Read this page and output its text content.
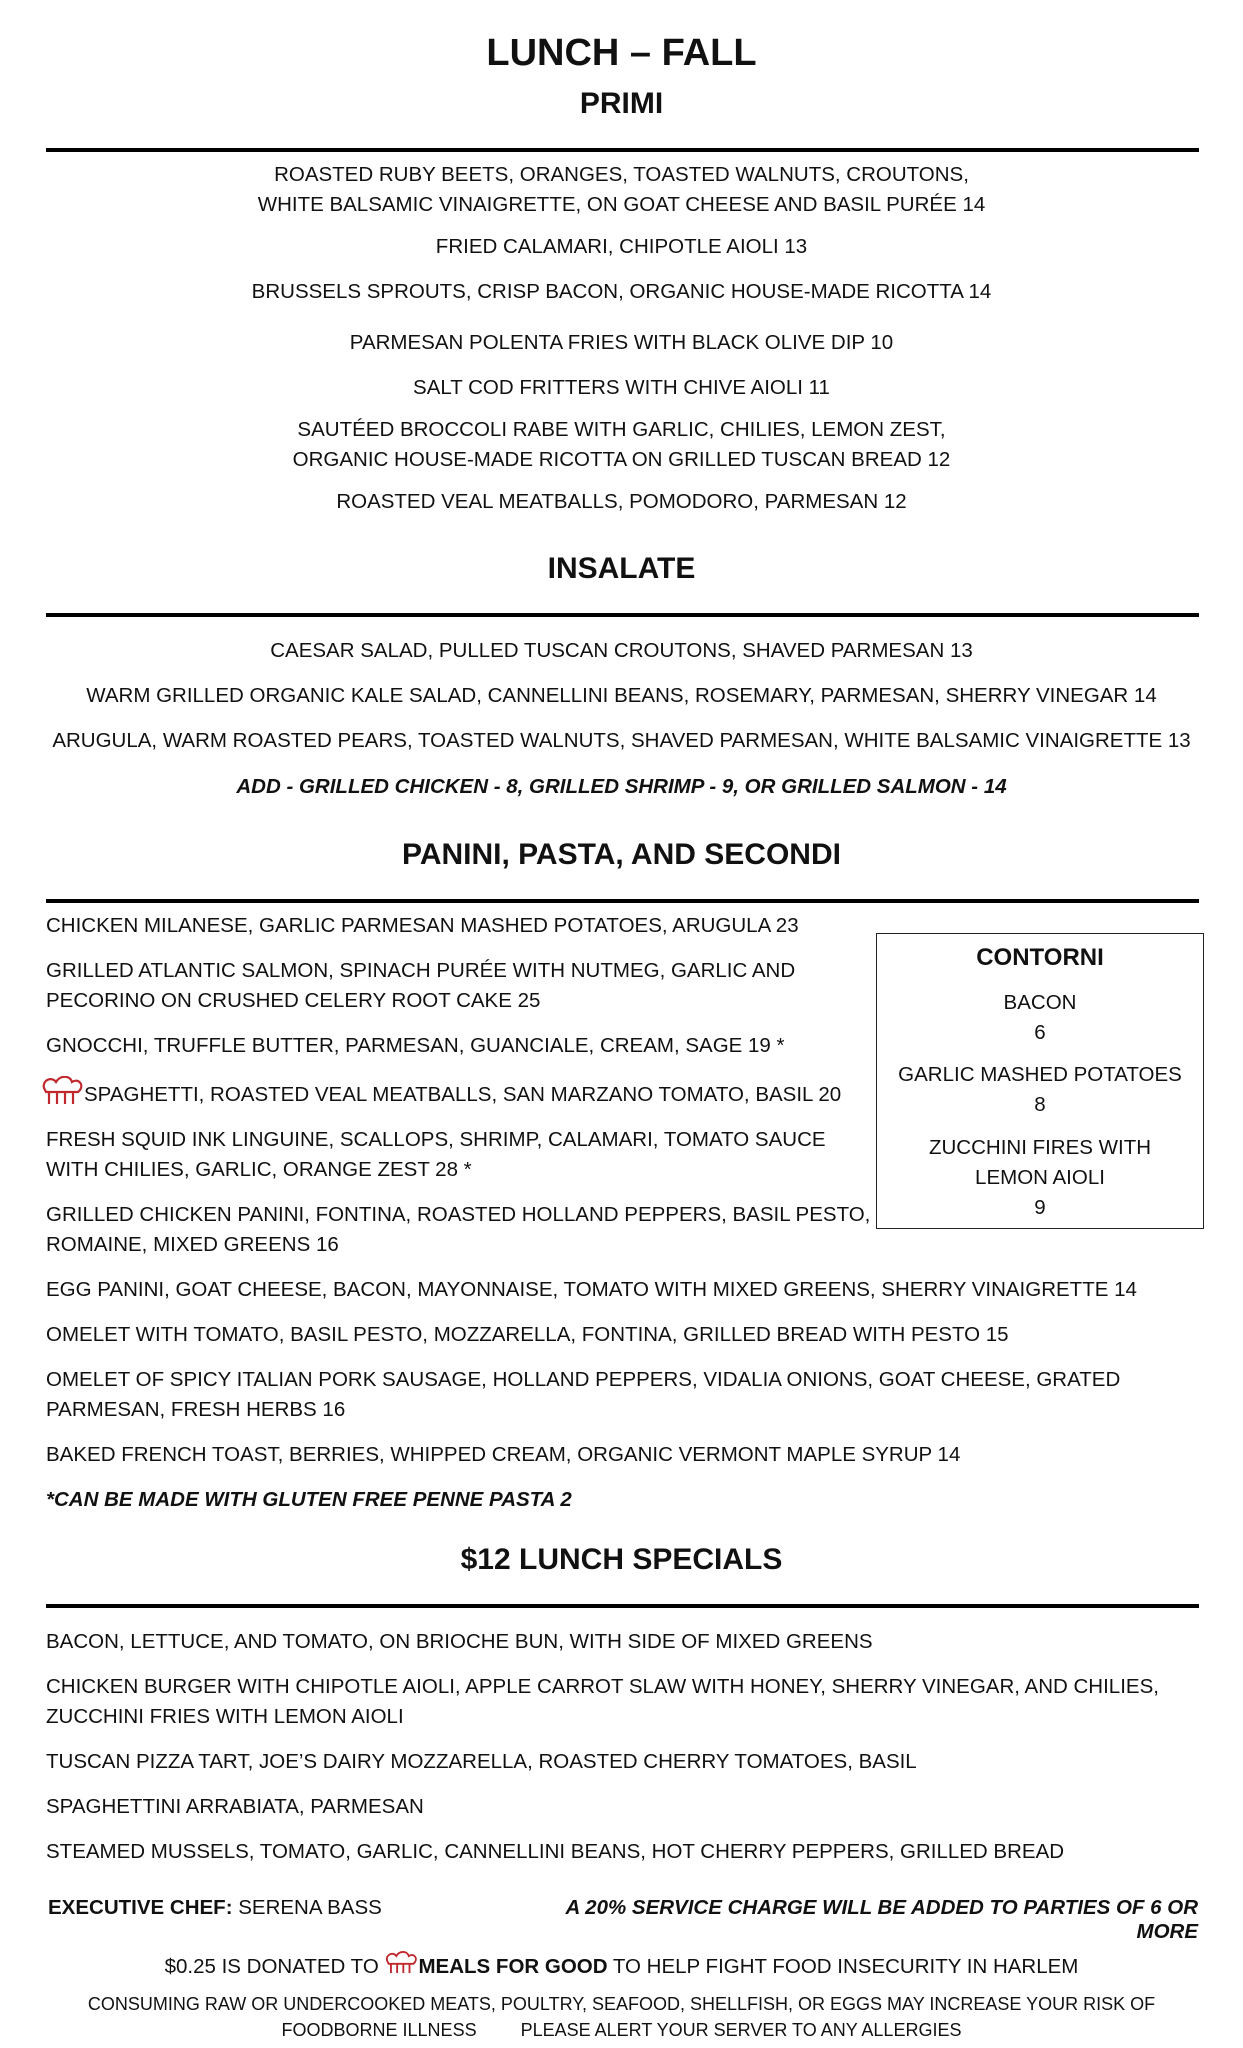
LUNCH – FALL
PRIMI
ROASTED RUBY BEETS, ORANGES, TOASTED WALNUTS, CROUTONS,
WHITE BALSAMIC VINAIGRETTE, ON GOAT CHEESE AND BASIL PURÉE 14
FRIED CALAMARI, CHIPOTLE AIOLI 13
BRUSSELS SPROUTS, CRISP BACON, ORGANIC HOUSE-MADE RICOTTA 14
PARMESAN POLENTA FRIES WITH BLACK OLIVE DIP 10
SALT COD FRITTERS WITH CHIVE AIOLI 11
SAUTÉED BROCCOLI RABE WITH GARLIC, CHILIES, LEMON ZEST,
ORGANIC HOUSE-MADE RICOTTA ON GRILLED TUSCAN BREAD 12
ROASTED VEAL MEATBALLS, POMODORO, PARMESAN 12
INSALATE
CAESAR SALAD, PULLED TUSCAN CROUTONS, SHAVED PARMESAN 13
WARM GRILLED ORGANIC KALE SALAD, CANNELLINI BEANS, ROSEMARY, PARMESAN, SHERRY VINEGAR 14
ARUGULA, WARM ROASTED PEARS, TOASTED WALNUTS, SHAVED PARMESAN, WHITE BALSAMIC VINAIGRETTE 13
ADD - GRILLED CHICKEN - 8, GRILLED SHRIMP - 9, OR GRILLED SALMON - 14
PANINI, PASTA, AND SECONDI
CHICKEN MILANESE, GARLIC PARMESAN MASHED POTATOES, ARUGULA 23
GRILLED ATLANTIC SALMON, SPINACH PURÉE WITH NUTMEG, GARLIC AND
PECORINO ON CRUSHED CELERY ROOT CAKE 25
GNOCCHI, TRUFFLE BUTTER, PARMESAN, GUANCIALE, CREAM, SAGE 19 *
SPAGHETTI, ROASTED VEAL MEATBALLS, SAN MARZANO TOMATO, BASIL 20
FRESH SQUID INK LINGUINE, SCALLOPS, SHRIMP, CALAMARI, TOMATO SAUCE
WITH CHILIES, GARLIC, ORANGE ZEST 28 *
GRILLED CHICKEN PANINI, FONTINA, ROASTED HOLLAND PEPPERS, BASIL PESTO,
ROMAINE, MIXED GREENS 16
EGG PANINI, GOAT CHEESE, BACON, MAYONNAISE, TOMATO WITH MIXED GREENS, SHERRY VINAIGRETTE 14
OMELET WITH TOMATO, BASIL PESTO, MOZZARELLA, FONTINA, GRILLED BREAD WITH PESTO 15
OMELET OF SPICY ITALIAN PORK SAUSAGE, HOLLAND PEPPERS, VIDALIA ONIONS, GOAT CHEESE, GRATED
PARMESAN, FRESH HERBS 16
BAKED FRENCH TOAST, BERRIES, WHIPPED CREAM, ORGANIC VERMONT MAPLE SYRUP 14
*CAN BE MADE WITH GLUTEN FREE PENNE PASTA 2
CONTORNI
BACON
6
GARLIC MASHED POTATOES
8
ZUCCHINI FIRES WITH
LEMON AIOLI
9
$12 LUNCH SPECIALS
BACON, LETTUCE, AND TOMATO, ON BRIOCHE BUN, WITH SIDE OF MIXED GREENS
CHICKEN BURGER WITH CHIPOTLE AIOLI, APPLE CARROT SLAW WITH HONEY, SHERRY VINEGAR, AND CHILIES,
ZUCCHINI FRIES WITH LEMON AIOLI
TUSCAN PIZZA TART, JOE’S DAIRY MOZZARELLA, ROASTED CHERRY TOMATOES, BASIL
SPAGHETTINI ARRABIATA, PARMESAN
STEAMED MUSSELS, TOMATO, GARLIC, CANNELLINI BEANS, HOT CHERRY PEPPERS, GRILLED BREAD
EXECUTIVE CHEF: SERENA BASS	A 20% SERVICE CHARGE WILL BE ADDED TO PARTIES OF 6 OR MORE
$0.25 IS DONATED TO MEALS FOR GOOD TO HELP FIGHT FOOD INSECURITY IN HARLEM
CONSUMING RAW OR UNDERCOOKED MEATS, POULTRY, SEAFOOD, SHELLFISH, OR EGGS MAY INCREASE YOUR RISK OF
FOODBORNE ILLNESS PLEASE ALERT YOUR SERVER TO ANY ALLERGIES
